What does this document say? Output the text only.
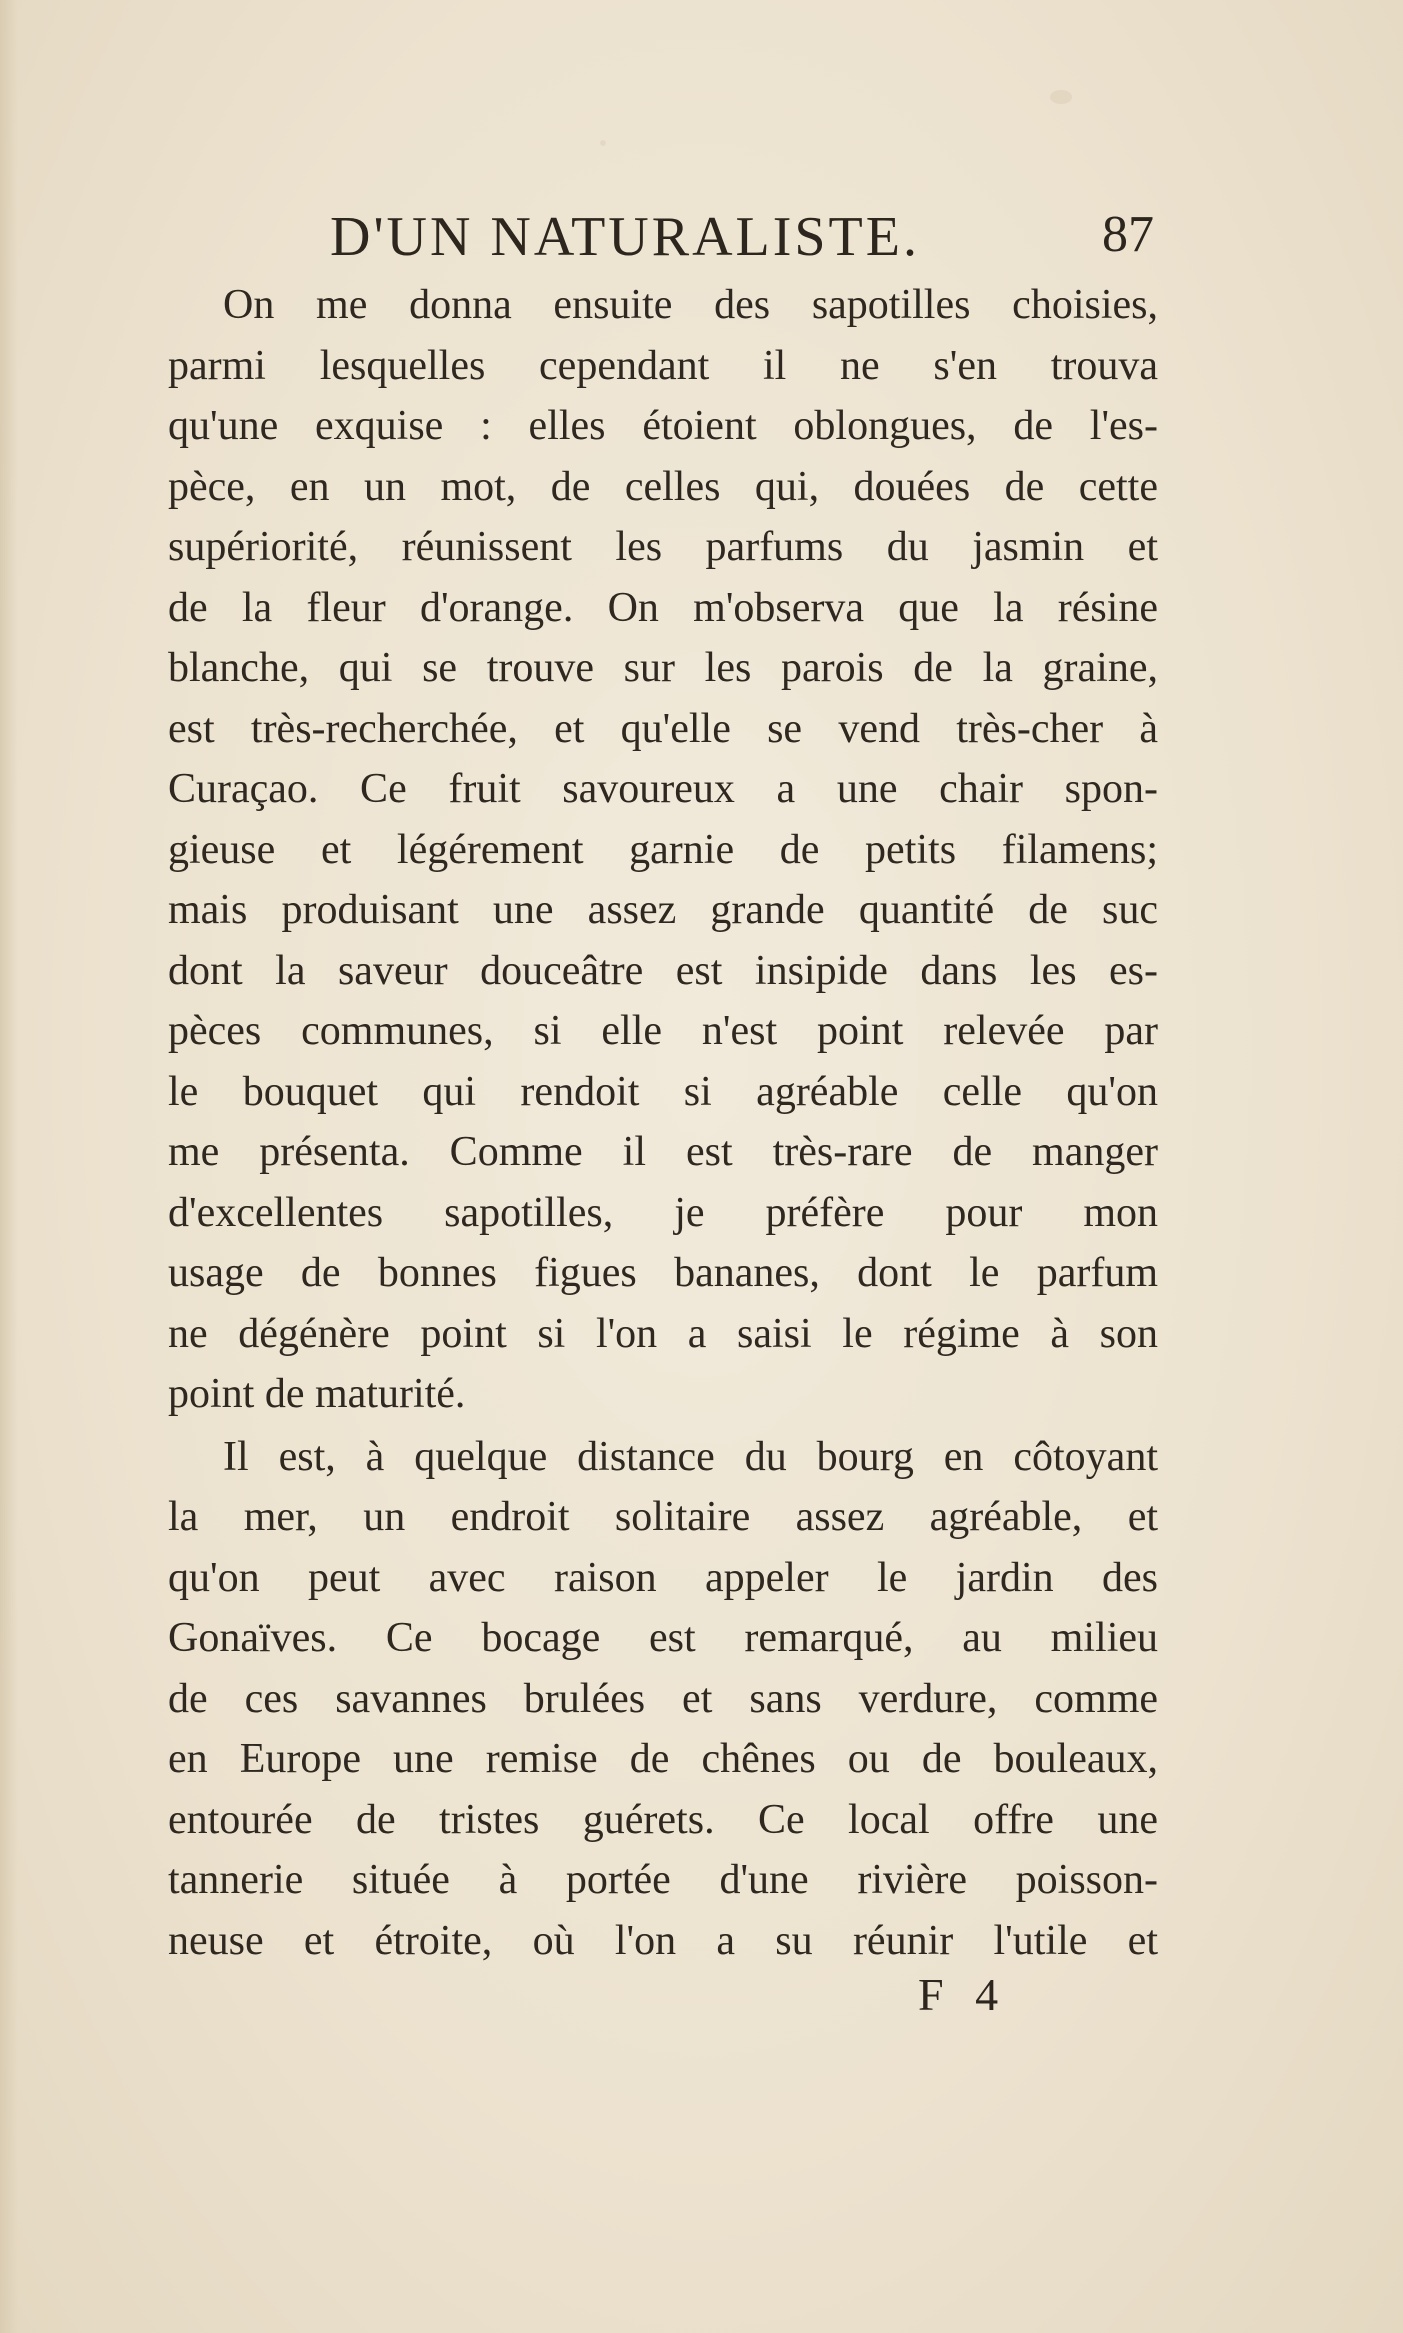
D'UN NATURALISTE.	87
On me donna ensuite des sapotilles choisies,
parmi lesquelles cependant il ne s'en trouva
qu'une exquise : elles étoient oblongues, de l'es-
pèce, en un mot, de celles qui, douées de cette
supériorité, réunissent les parfums du jasmin et
de la fleur d'orange. On m'observa que la résine
blanche, qui se trouve sur les parois de la graine,
est très-recherchée, et qu'elle se vend très-cher à
Curaçao. Ce fruit savoureux a une chair spon-
gieuse et légérement garnie de petits filamens;
mais produisant une assez grande quantité de suc
dont la saveur douceâtre est insipide dans les es-
pèces communes, si elle n'est point relevée par
le bouquet qui rendoit si agréable celle qu'on
me présenta. Comme il est très-rare de manger
d'excellentes sapotilles, je préfère pour mon
usage de bonnes figues bananes, dont le parfum
ne dégénère point si l'on a saisi le régime à son
point de maturité.
Il est, à quelque distance du bourg en côtoyant
la mer, un endroit solitaire assez agréable, et
qu'on peut avec raison appeler le jardin des
Gonaïves. Ce bocage est remarqué, au milieu
de ces savannes brulées et sans verdure, comme
en Europe une remise de chênes ou de bouleaux,
entourée de tristes guérets. Ce local offre une
tannerie située à portée d'une rivière poisson-
neuse et étroite, où l'on a su réunir l'utile et
F 4
